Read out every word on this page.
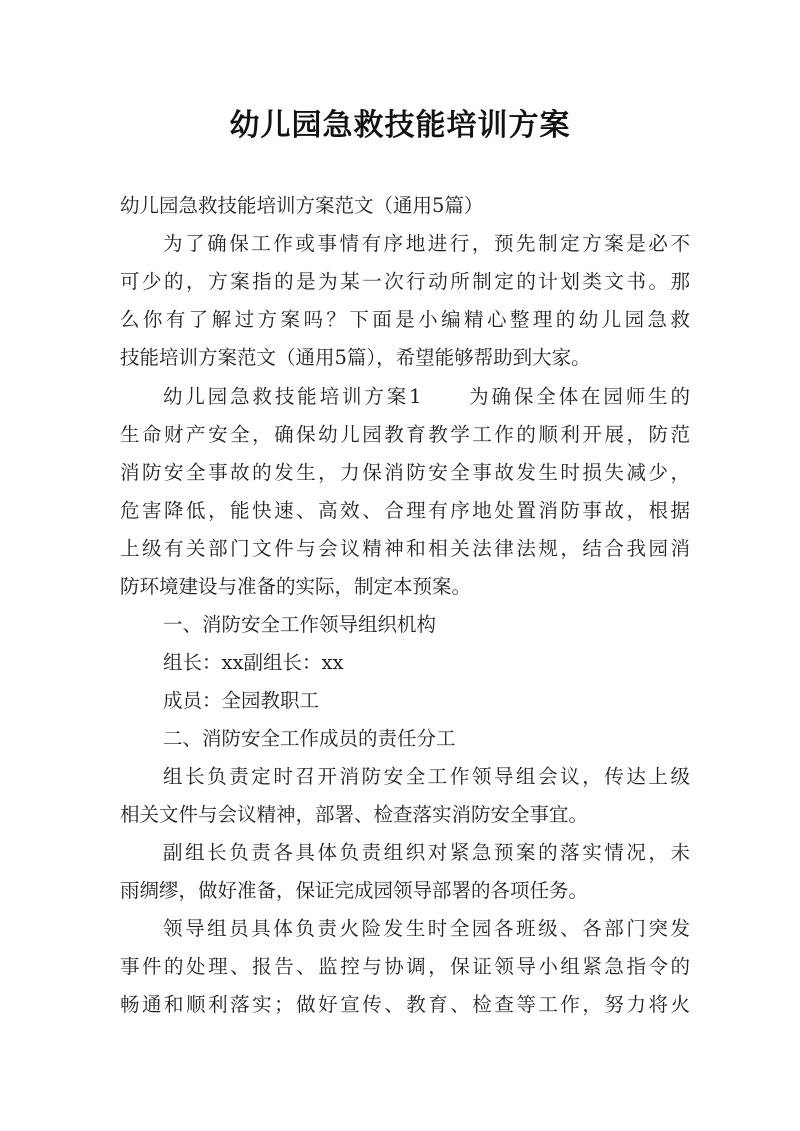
幼儿园急救技能培训方案
幼儿园急救技能培训方案范文（通用5篇）
为了确保工作或事情有序地进行，预先制定方案是必不
可少的，方案指的是为某一次行动所制定的计划类文书。那
么你有了解过方案吗？下面是小编精心整理的幼儿园急救
技能培训方案范文（通用5篇），希望能够帮助到大家。
幼儿园急救技能培训方案1　　为确保全体在园师生的
生命财产安全，确保幼儿园教育教学工作的顺利开展，防范
消防安全事故的发生，力保消防安全事故发生时损失减少，
危害降低，能快速、高效、合理有序地处置消防事故，根据
上级有关部门文件与会议精神和相关法律法规，结合我园消
防环境建设与准备的实际，制定本预案。
一、消防安全工作领导组织机构
组长：xx副组长：xx
成员：全园教职工
二、消防安全工作成员的责任分工
组长负责定时召开消防安全工作领导组会议，传达上级
相关文件与会议精神，部署、检查落实消防安全事宜。
副组长负责各具体负责组织对紧急预案的落实情况，未
雨绸缪，做好准备，保证完成园领导部署的各项任务。
领导组员具体负责火险发生时全园各班级、各部门突发
事件的处理、报告、监控与协调，保证领导小组紧急指令的
畅通和顺利落实；做好宣传、教育、检查等工作，努力将火
